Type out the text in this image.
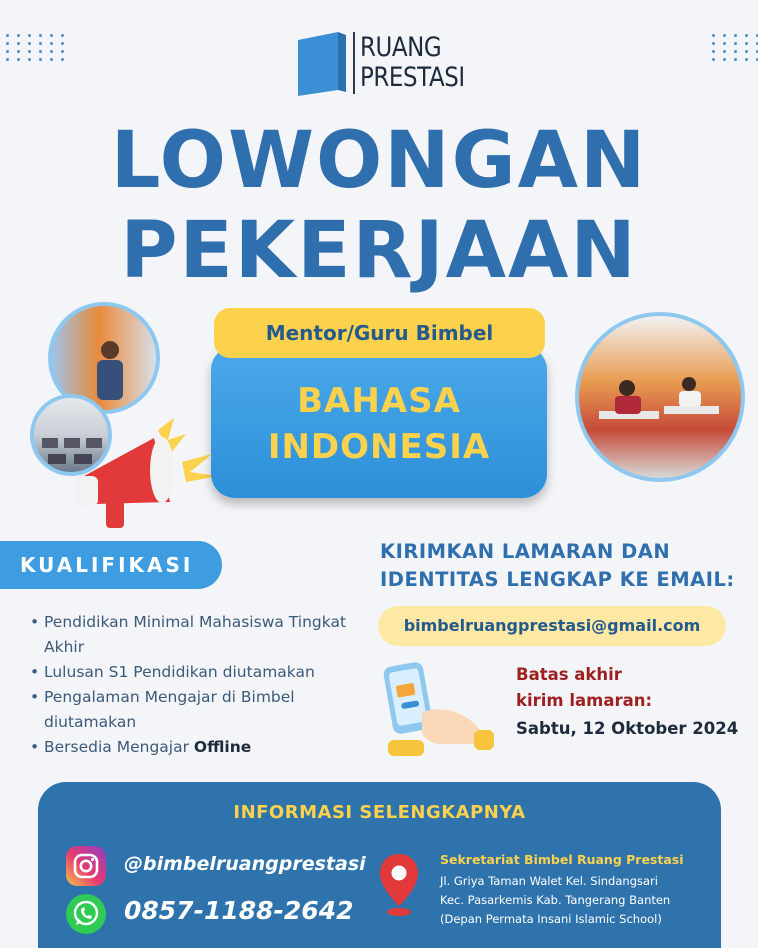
RUANG
PRESTASI
LOWONGAN
PEKERJAAN
Mentor/Guru Bimbel
BAHASA
INDONESIA
KUALIFIKASI
• Pendidikan Minimal Mahasiswa Tingkat Akhir
• Lulusan S1 Pendidikan diutamakan
• Pengalaman Mengajar di Bimbel diutamakan
• Bersedia Mengajar Offline
KIRIMKAN LAMARAN DAN
IDENTITAS LENGKAP KE EMAIL:
bimbelruangprestasi@gmail.com
Batas akhir
kirim lamaran:
Sabtu, 12 Oktober 2024
INFORMASI SELENGKAPNYA
@bimbelruangprestasi
0857-1188-2642
Sekretariat Bimbel Ruang Prestasi
Jl. Griya Taman Walet Kel. Sindangsari
Kec. Pasarkemis Kab. Tangerang Banten
(Depan Permata Insani Islamic School)
